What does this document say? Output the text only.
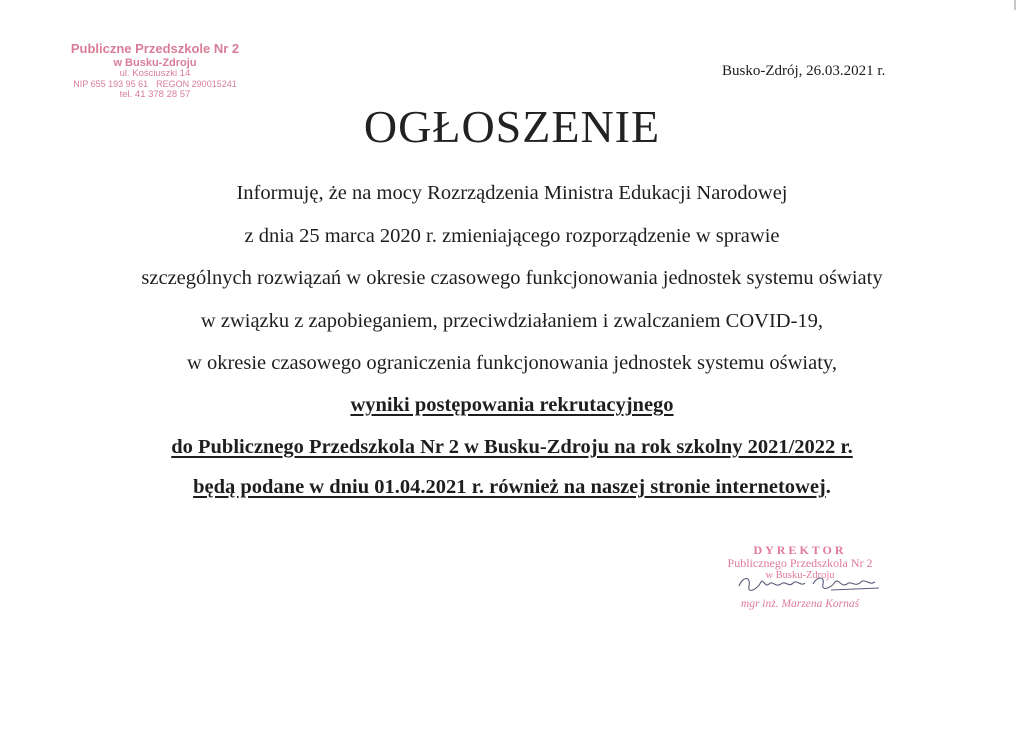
Publiczne Przedszkole Nr 2
w Busku-Zdroju
ul. Kościuszki 14
NIP 655 193 95 61 REGON 290015241
tel. 41 378 28 57
Busko-Zdrój, 26.03.2021 r.
OGŁOSZENIE
Informuję, że na mocy Rozrządzenia Ministra Edukacji Narodowej
z dnia 25 marca 2020 r. zmieniającego rozporządzenie w sprawie
szczególnych rozwiązań w okresie czasowego funkcjonowania jednostek systemu oświaty
w związku z zapobieganiem, przeciwdziałaniem i zwalczaniem COVID-19,
w okresie czasowego ograniczenia funkcjonowania jednostek systemu oświaty,
wyniki postępowania rekrutacyjnego
do Publicznego Przedszkola Nr 2 w Busku-Zdroju na rok szkolny 2021/2022 r.
będą podane w dniu 01.04.2021 r. również na naszej stronie internetowej.
DYREKTOR
Publicznego Przedszkola Nr 2
w Busku-Zdroju
mgr inż. Marzena Kornaś
